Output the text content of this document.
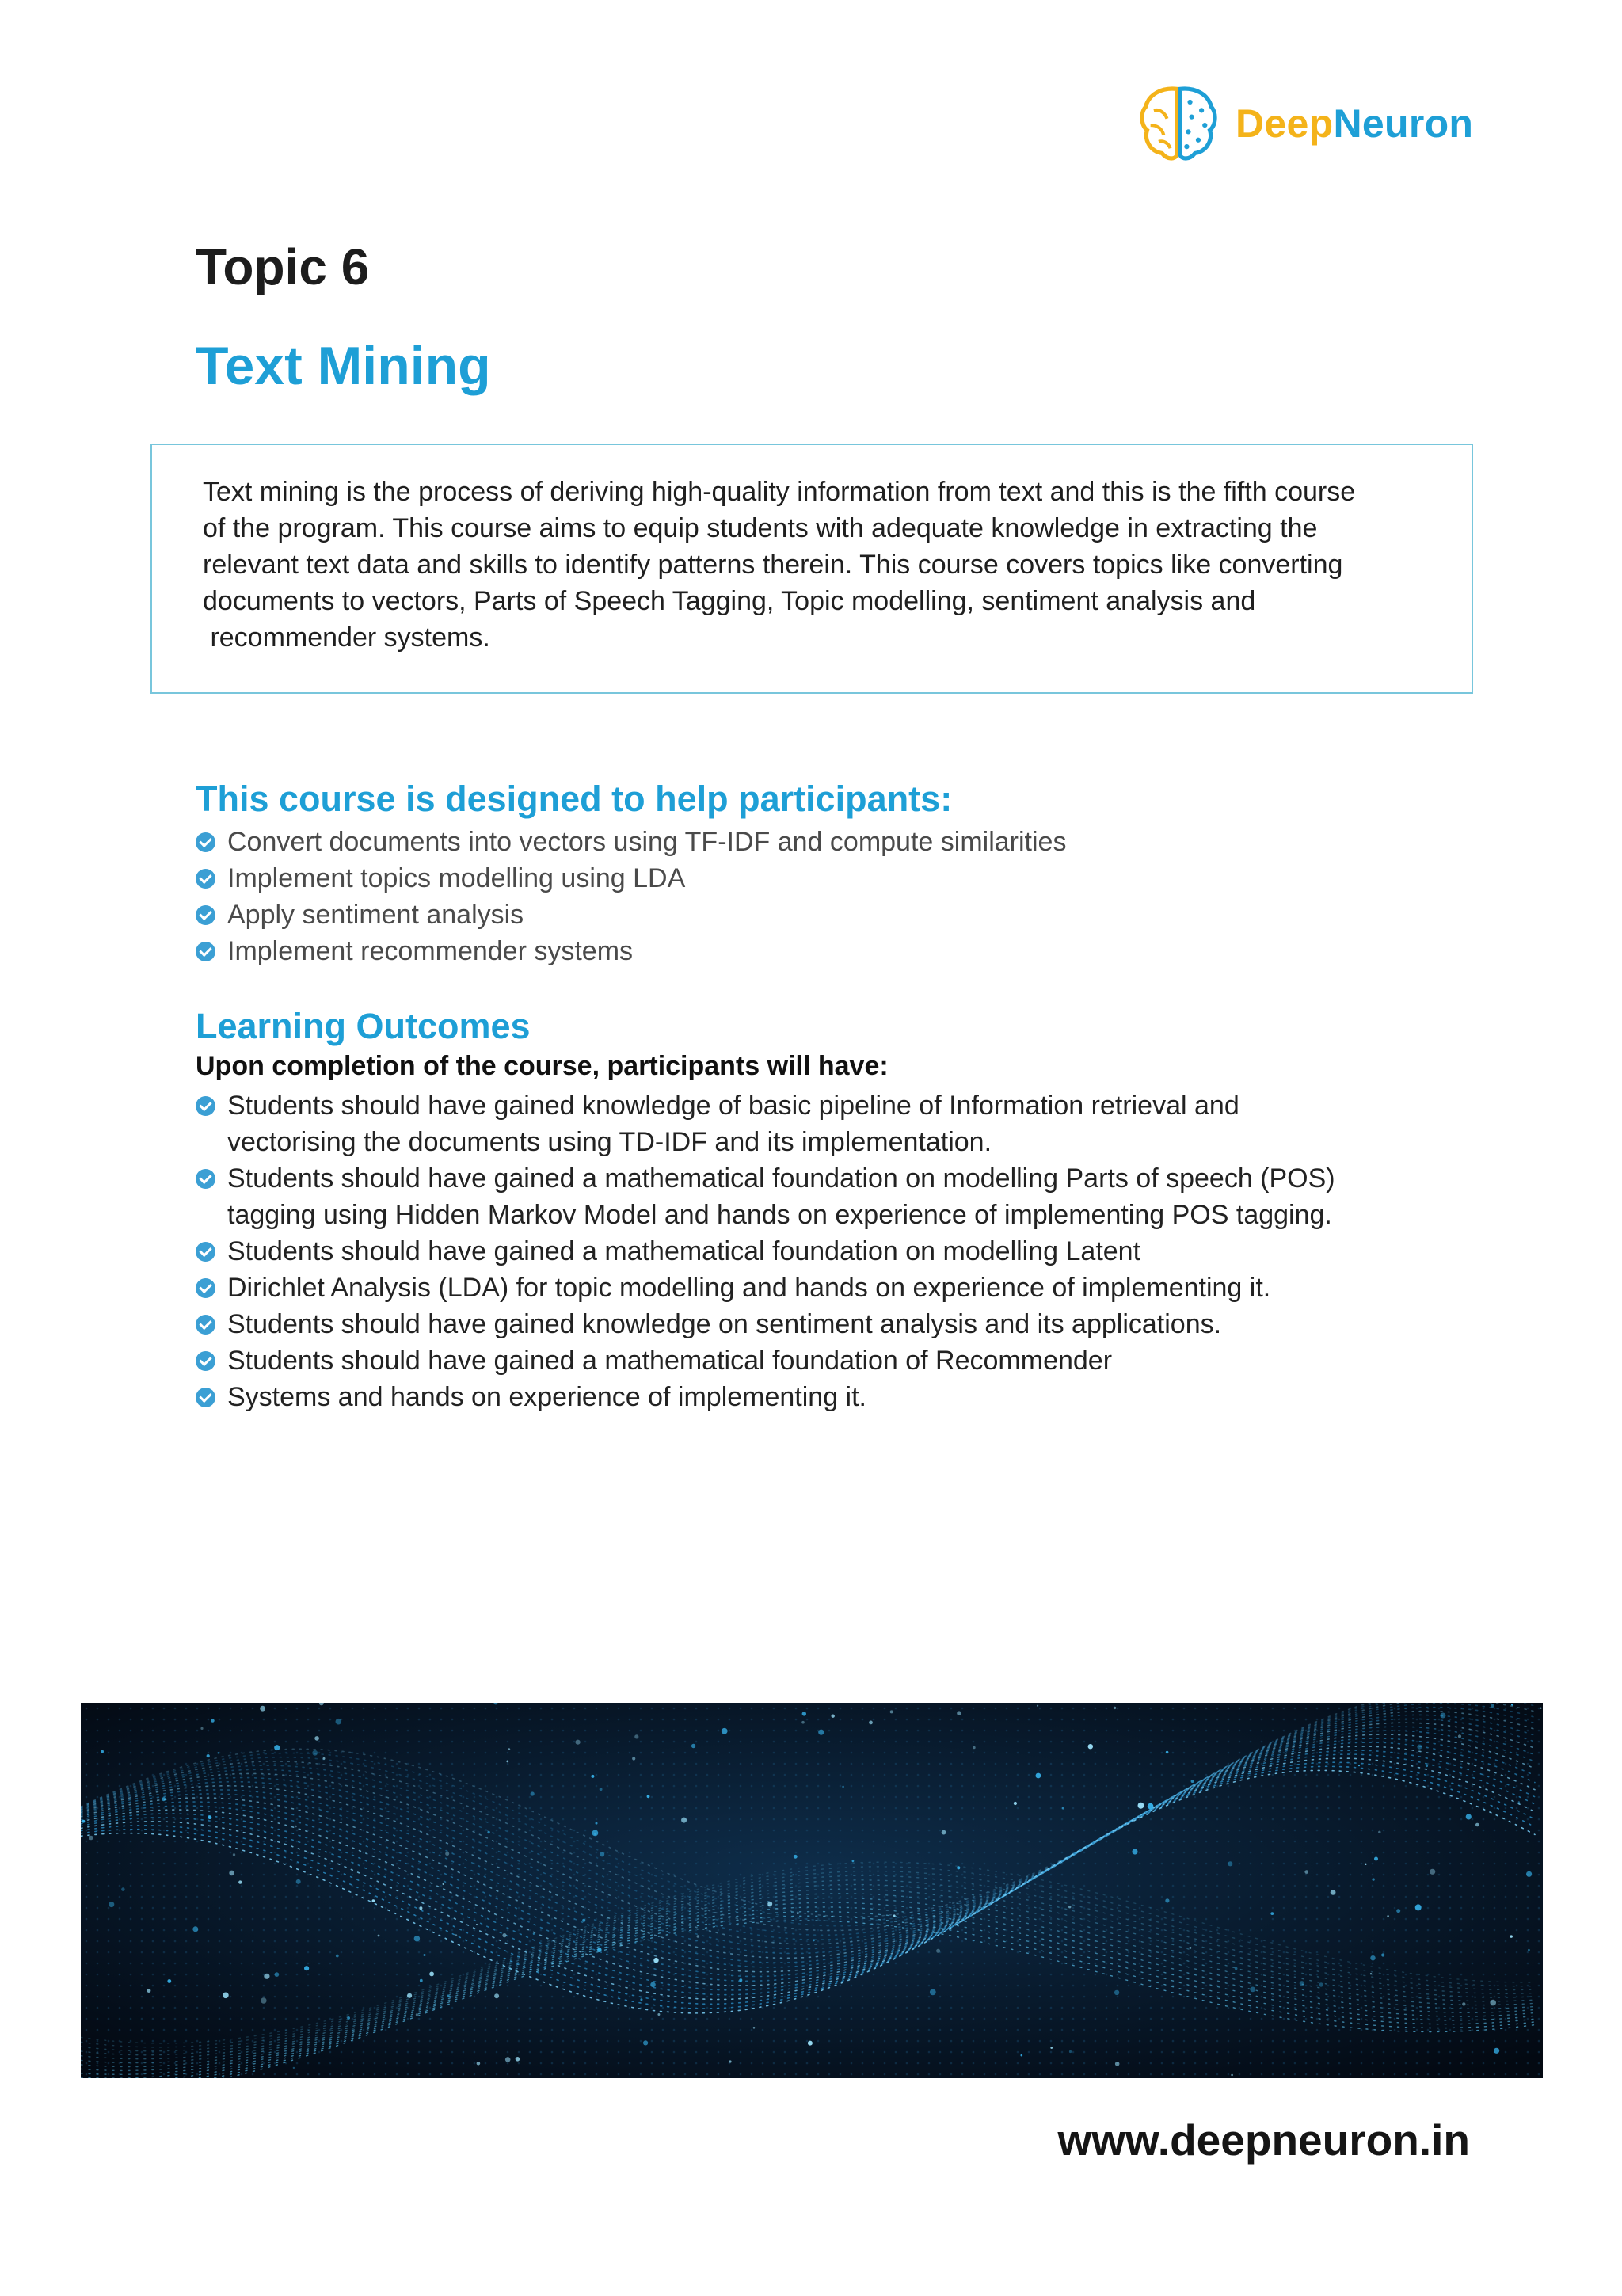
DeepNeuron
Topic 6
Text Mining

Text mining is the process of deriving high-quality information from text and this is the fifth course

of the program. This course aims to equip students with adequate knowledge in extracting the

relevant text data and skills to identify patterns therein. This course covers topics like converting

documents to vectors, Parts of Speech Tagging, Topic modelling, sentiment analysis and

recommender systems.

This course is designed to help participants:
Convert documents into vectors using TF-IDF and compute similarities
Implement topics modelling using LDA
Apply sentiment analysis
Implement recommender systems
Learning Outcomes

Upon completion of the course, participants will have:

Students should have gained knowledge of basic pipeline of Information retrieval and vectorising the documents using TD-IDF and its implementation.
Students should have gained a mathematical foundation on modelling Parts of speech (POS) tagging using Hidden Markov Model and hands on experience of implementing POS tagging.
Students should have gained a mathematical foundation on modelling Latent
Dirichlet Analysis (LDA) for topic modelling and hands on experience of implementing it.
Students should have gained knowledge on sentiment analysis and its applications.
Students should have gained a mathematical foundation of Recommender
Systems and hands on experience of implementing it.

www.deepneuron.in
